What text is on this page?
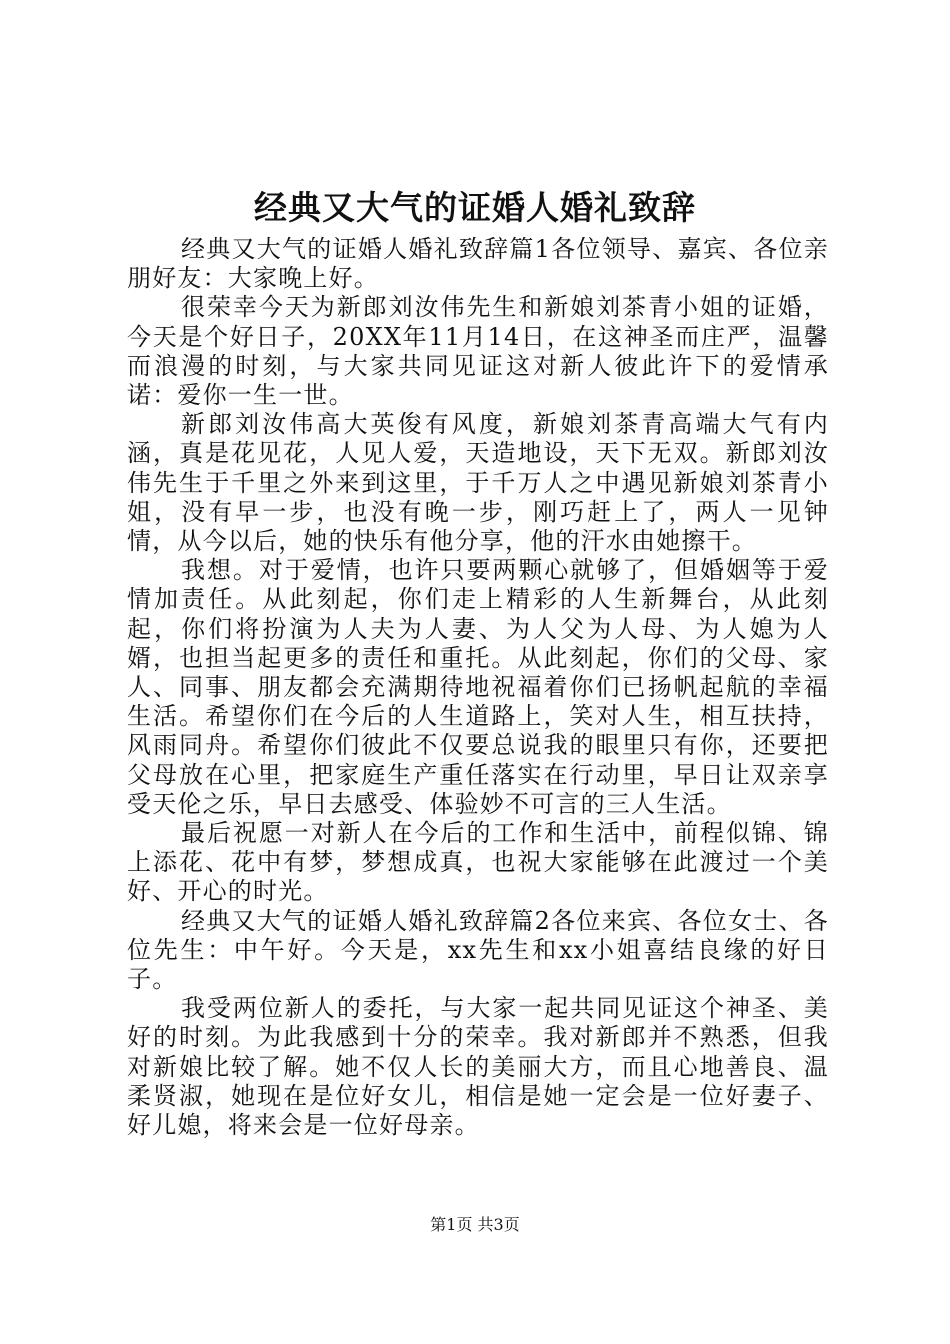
经典又大气的证婚人婚礼致辞

经典又大气的证婚人婚礼致辞篇1各位领导、嘉宾、各位亲朋好友：大家晚上好。

很荣幸今天为新郎刘汝伟先生和新娘刘茶青小姐的证婚，今天是个好日子，20XX年11月14日，在这神圣而庄严，温馨而浪漫的时刻，与大家共同见证这对新人彼此许下的爱情承诺：爱你一生一世。

新郎刘汝伟高大英俊有风度，新娘刘茶青高端大气有内涵，真是花见花，人见人爱，天造地设，天下无双。新郎刘汝伟先生于千里之外来到这里，于千万人之中遇见新娘刘茶青小姐，没有早一步，也没有晚一步，刚巧赶上了，两人一见钟情，从今以后，她的快乐有他分享，他的汗水由她擦干。

我想。对于爱情，也许只要两颗心就够了，但婚姻等于爱情加责任。从此刻起，你们走上精彩的人生新舞台，从此刻起，你们将扮演为人夫为人妻、为人父为人母、为人媳为人婿，也担当起更多的责任和重托。从此刻起，你们的父母、家人、同事、朋友都会充满期待地祝福着你们已扬帆起航的幸福生活。希望你们在今后的人生道路上，笑对人生，相互扶持，风雨同舟。希望你们彼此不仅要总说我的眼里只有你，还要把父母放在心里，把家庭生产重任落实在行动里，早日让双亲享受天伦之乐，早日去感受、体验妙不可言的三人生活。

最后祝愿一对新人在今后的工作和生活中，前程似锦、锦上添花、花中有梦，梦想成真，也祝大家能够在此渡过一个美好、开心的时光。

经典又大气的证婚人婚礼致辞篇2各位来宾、各位女士、各位先生：中午好。今天是，xx先生和xx小姐喜结良缘的好日子。

我受两位新人的委托，与大家一起共同见证这个神圣、美好的时刻。为此我感到十分的荣幸。我对新郎并不熟悉，但我对新娘比较了解。她不仅人长的美丽大方，而且心地善良、温柔贤淑，她现在是位好女儿，相信是她一定会是一位好妻子、好儿媳，将来会是一位好母亲。

第1页 共3页
